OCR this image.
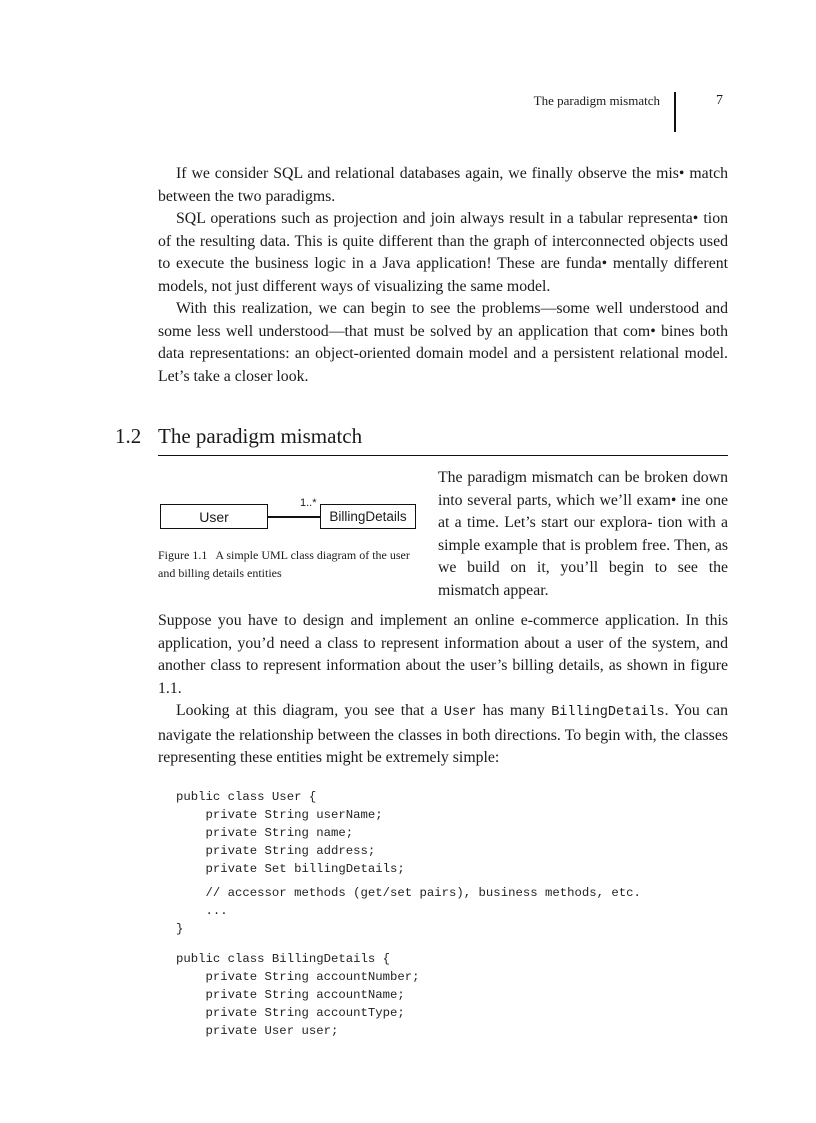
The paradigm mismatch	7

If we consider SQL and relational databases again, we finally observe the mis• match between the two paradigms.

SQL operations such as projection and join always result in a tabular representa• tion of the resulting data. This is quite different than the graph of interconnected objects used to execute the business logic in a Java application! These are funda• mentally different models, not just different ways of visualizing the same model.

With this realization, we can begin to see the problems—some well understood and some less well understood—that must be solved by an application that com• bines both data representations: an object-oriented domain model and a persistent relational model. Let’s take a closer look.

1.2 The paradigm mismatch
User
1..*
BillingDetails
Figure 1.1 A simple UML class diagram of the user and billing details entities
The paradigm mismatch can be broken down into several parts, which we’ll exam• ine one at a time. Let’s start our explora- tion with a simple example that is problem free. Then, as we build on it, you’ll begin to see the mismatch appear.

Suppose you have to design and implement an online e-commerce application. In this application, you’d need a class to represent information about a user of the system, and another class to represent information about the user’s billing details, as shown in figure 1.1.

Looking at this diagram, you see that a User has many BillingDetails. You can navigate the relationship between the classes in both directions. To begin with, the classes representing these entities might be extremely simple:

public class User {
private String userName;
private String name;
private String address;
private Set billingDetails;
// accessor methods (get/set pairs), business methods, etc.
...
}
public class BillingDetails {
private String accountNumber;
private String accountName;
private String accountType;
private User user;
